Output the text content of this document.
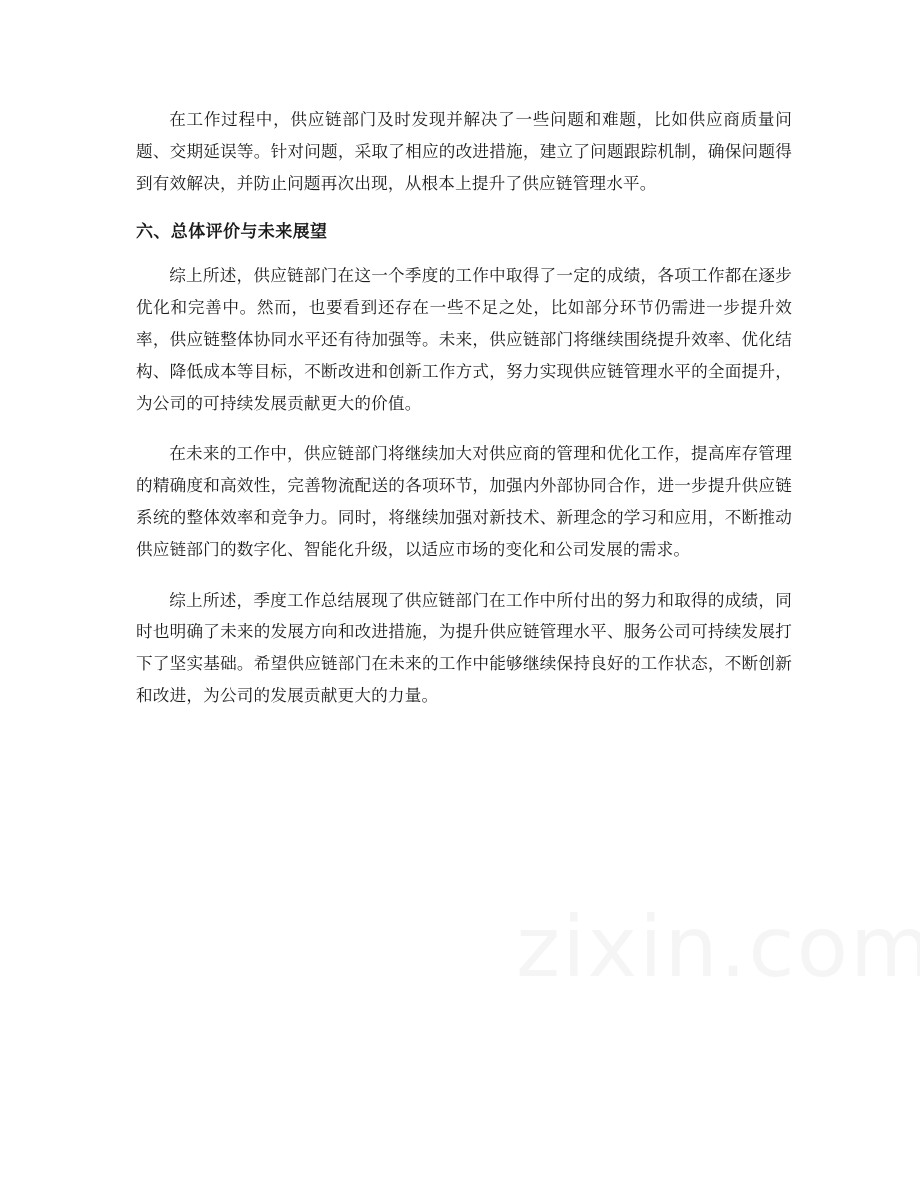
在工作过程中，供应链部门及时发现并解决了一些问题和难题，比如供应商质量问题、交期延误等。针对问题，采取了相应的改进措施，建立了问题跟踪机制，确保问题得到有效解决，并防止问题再次出现，从根本上提升了供应链管理水平。

六、总体评价与未来展望

综上所述，供应链部门在这一个季度的工作中取得了一定的成绩，各项工作都在逐步优化和完善中。然而，也要看到还存在一些不足之处，比如部分环节仍需进一步提升效率，供应链整体协同水平还有待加强等。未来，供应链部门将继续围绕提升效率、优化结构、降低成本等目标，不断改进和创新工作方式，努力实现供应链管理水平的全面提升，为公司的可持续发展贡献更大的价值。

在未来的工作中，供应链部门将继续加大对供应商的管理和优化工作，提高库存管理的精确度和高效性，完善物流配送的各项环节，加强内外部协同合作，进一步提升供应链系统的整体效率和竞争力。同时，将继续加强对新技术、新理念的学习和应用，不断推动供应链部门的数字化、智能化升级，以适应市场的变化和公司发展的需求。

综上所述，季度工作总结展现了供应链部门在工作中所付出的努力和取得的成绩，同时也明确了未来的发展方向和改进措施，为提升供应链管理水平、服务公司可持续发展打下了坚实基础。希望供应链部门在未来的工作中能够继续保持良好的工作状态，不断创新和改进，为公司的发展贡献更大的力量。
